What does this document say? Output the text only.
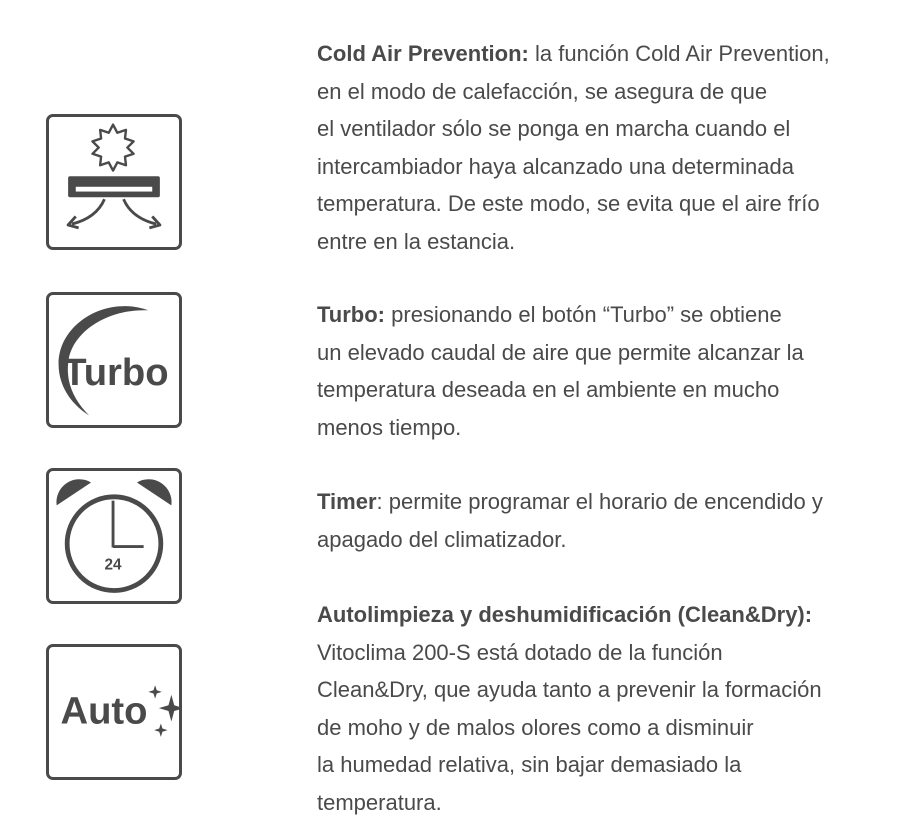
Turbo
24
Auto

Cold Air Prevention: la función Cold Air Prevention,

en el modo de calefacción, se asegura de que

el ventilador sólo se ponga en marcha cuando el

intercambiador haya alcanzado una determinada

temperatura. De este modo, se evita que el aire frío

entre en la estancia.

Turbo: presionando el botón “Turbo” se obtiene

un elevado caudal de aire que permite alcanzar la

temperatura deseada en el ambiente en mucho

menos tiempo.

Timer: permite programar el horario de encendido y

apagado del climatizador.

Autolimpieza y deshumidificación (Clean&Dry):

Vitoclima 200-S está dotado de la función

Clean&Dry, que ayuda tanto a prevenir la formación

de moho y de malos olores como a disminuir

la humedad relativa, sin bajar demasiado la

temperatura.
